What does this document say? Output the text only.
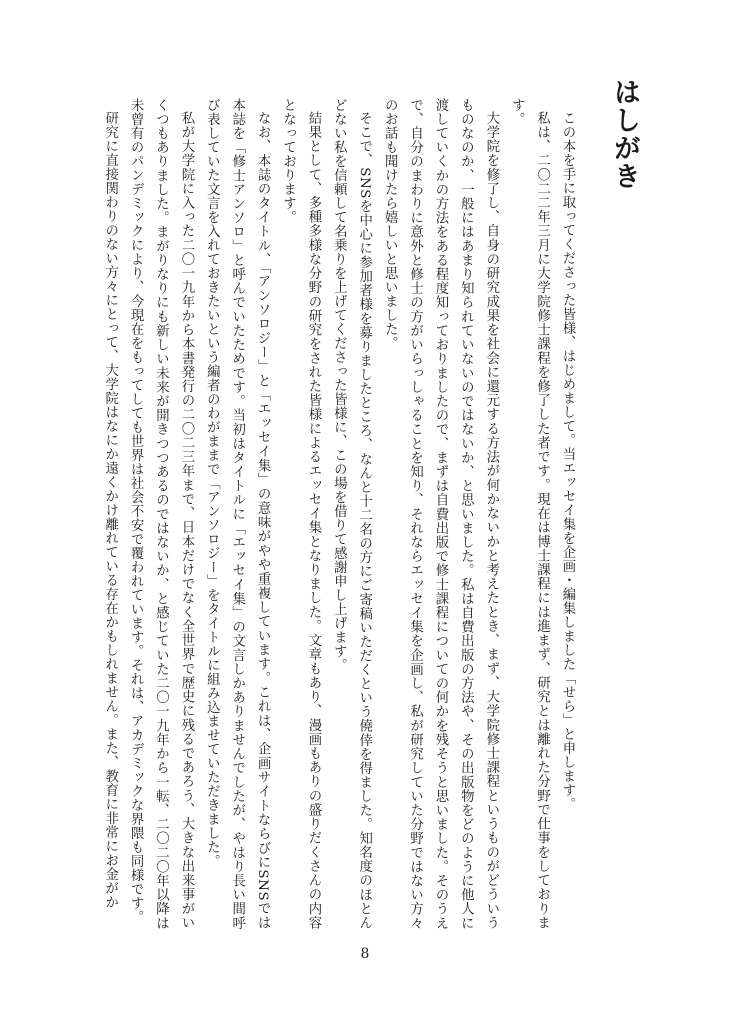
はしがき

この本を手に取ってくださった皆様、はじめまして。当エッセイ集を企画・編集しました「せら」と申します。

私は、二〇二二年三月に大学院修士課程を修了した者です。現在は博士課程には進まず、研究とは離れた分野で仕事をしております。

大学院を修了し、自身の研究成果を社会に還元する方法が何かないかと考えたとき、まず、大学院修士課程というものがどういうものなのか、一般にはあまり知られていないのではないか、と思いました。私は自費出版の方法や、その出版物をどのように他人に渡していくかの方法をある程度知っておりましたので、まずは自費出版で修士課程についての何かを残そうと思いました。そのうえで、自分のまわりに意外と修士の方がいらっしゃることを知り、それならエッセイ集を企画し、私が研究していた分野ではない方々のお話も聞けたら嬉しいと思いました。

そこで、SNSを中心に参加者様を募りましたところ、なんと十二名の方にご寄稿いただくという僥倖を得ました。知名度のほとんどない私を信頼して名乗りを上げてくださった皆様に、この場を借りて感謝申し上げます。

結果として、多種多様な分野の研究をされた皆様によるエッセイ集となりました。文章もあり、漫画もありの盛りだくさんの内容となっております。

なお、本誌のタイトル、「アンソロジー」と「エッセイ集」の意味がやや重複しています。これは、企画サイトならびにSNSでは本誌を「修士アンソロ」と呼んでいたためです。当初はタイトルに「エッセイ集」の文言しかありませんでしたが、やはり長い間呼び表していた文言を入れておきたいという編者のわがままで「アンソロジー」をタイトルに組み込ませていただきました。

私が大学院に入った二〇一九年から本書発行の二〇二三年まで、日本だけでなく全世界で歴史に残るであろう、大きな出来事がいくつもありました。まがりなりにも新しい未来が開きつつあるのではないか、と感じていた二〇一九年から一転、二〇二〇年以降は未曾有のパンデミックにより、今現在をもってしても世界は社会不安で覆われています。それは、アカデミックな界隈も同様です。

研究に直接関わりのない方々にとって、大学院はなにか遠くかけ離れている存在かもしれません。また、教育に非常にお金がか

8
